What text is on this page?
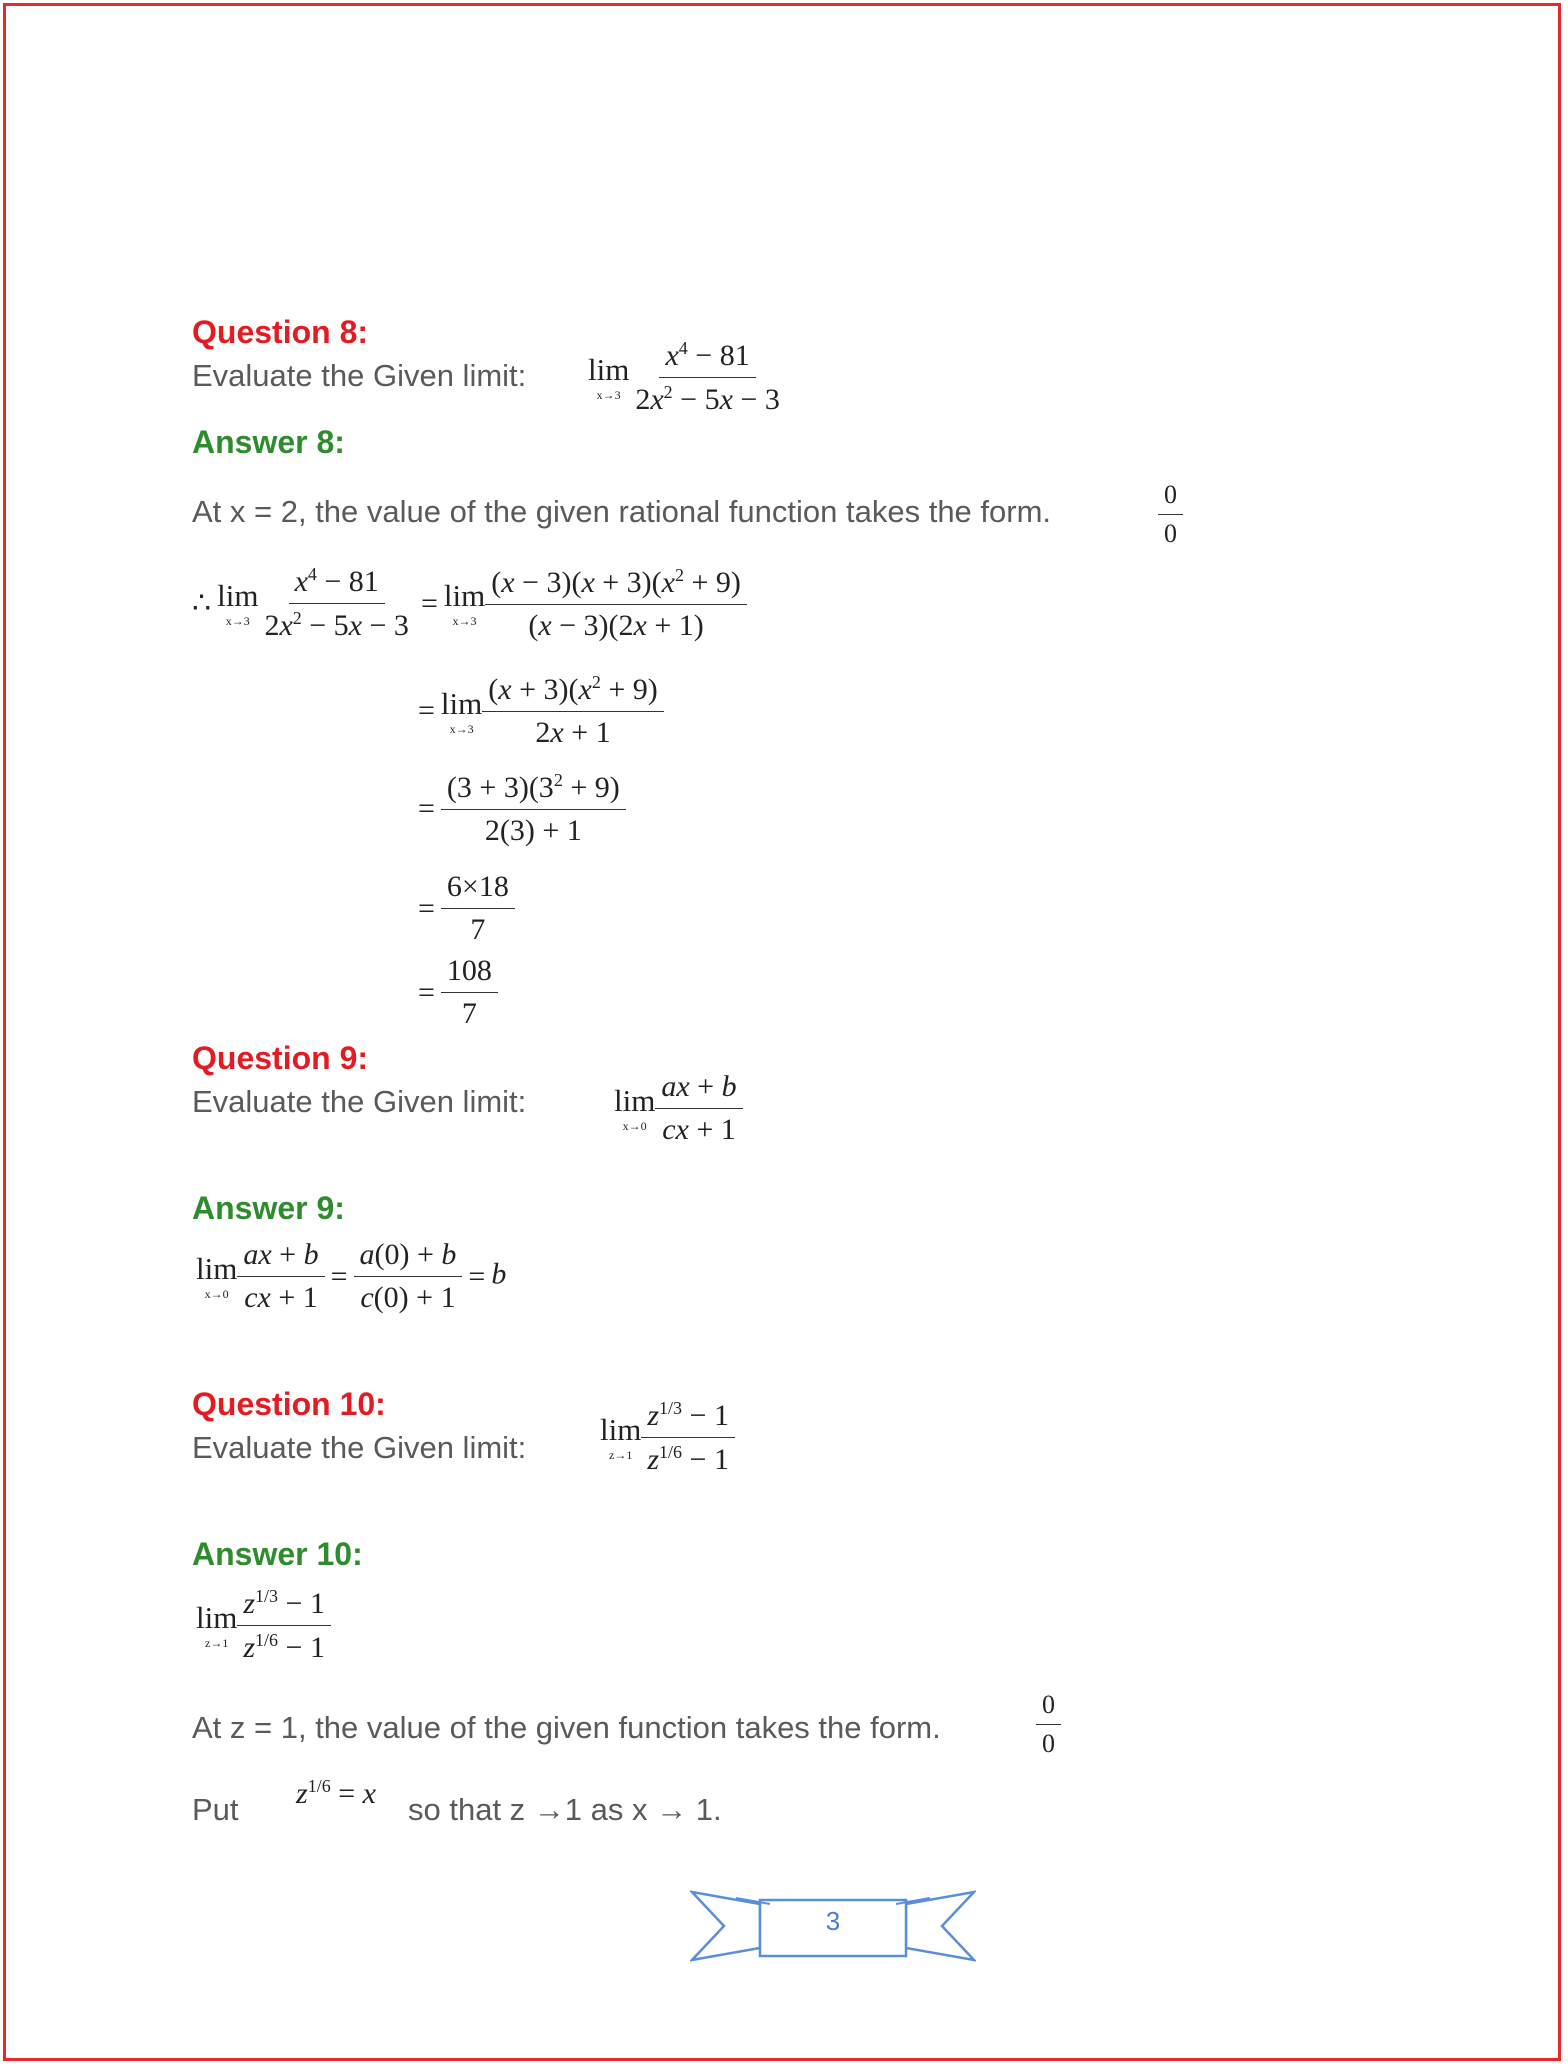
Question 8:
Evaluate the Given limit: lim
$x\to 3 \frac{x^4 - 81}{2x^2 - 5x - 3}$
Answer 8:
At x = 2, the value of the given rational function takes the form.	$\frac{0}{0}$
∴ lim
$x\to 3 \frac{x^4 - 81}{2x^2 - 5x - 3} = \lim$
$x\to 3 \frac{(x - 3)(x + 3)(x^2 + 9)}{(x - 3)(2x + 1)}$
= lim
$x\to 3 \frac{(x + 3)(x^2 + 9)}{2x + 1}$
= $\frac{(3 + 3)(3^2 + 9)}{2(3) + 1}$
= $\frac{6\times 18}{7}$
= $\frac{108}{7}$
Question 9:
Evaluate the Given limit:	lim
$x\to 0 \frac{ax + b}{cx + 1}$
Answer 9:
lim
$x\to 0 \frac{ax + b}{cx + 1} = \frac{a(0) + b}{c(0) + 1} = b$
Question 10:
Evaluate the Given limit:
lim
$z\to 1 \frac{z^{1/3} - 1}{z^{1/6} - 1}$
Answer 10:
lim
$z\to 1 \frac{z^{1/3} - 1}{z^{1/6} - 1}$
At z = 1, the value of the given function takes the form.	$\frac{0}{0}$
Put $z^{1/6} = x$ so that z →1 as x → 1.
3
